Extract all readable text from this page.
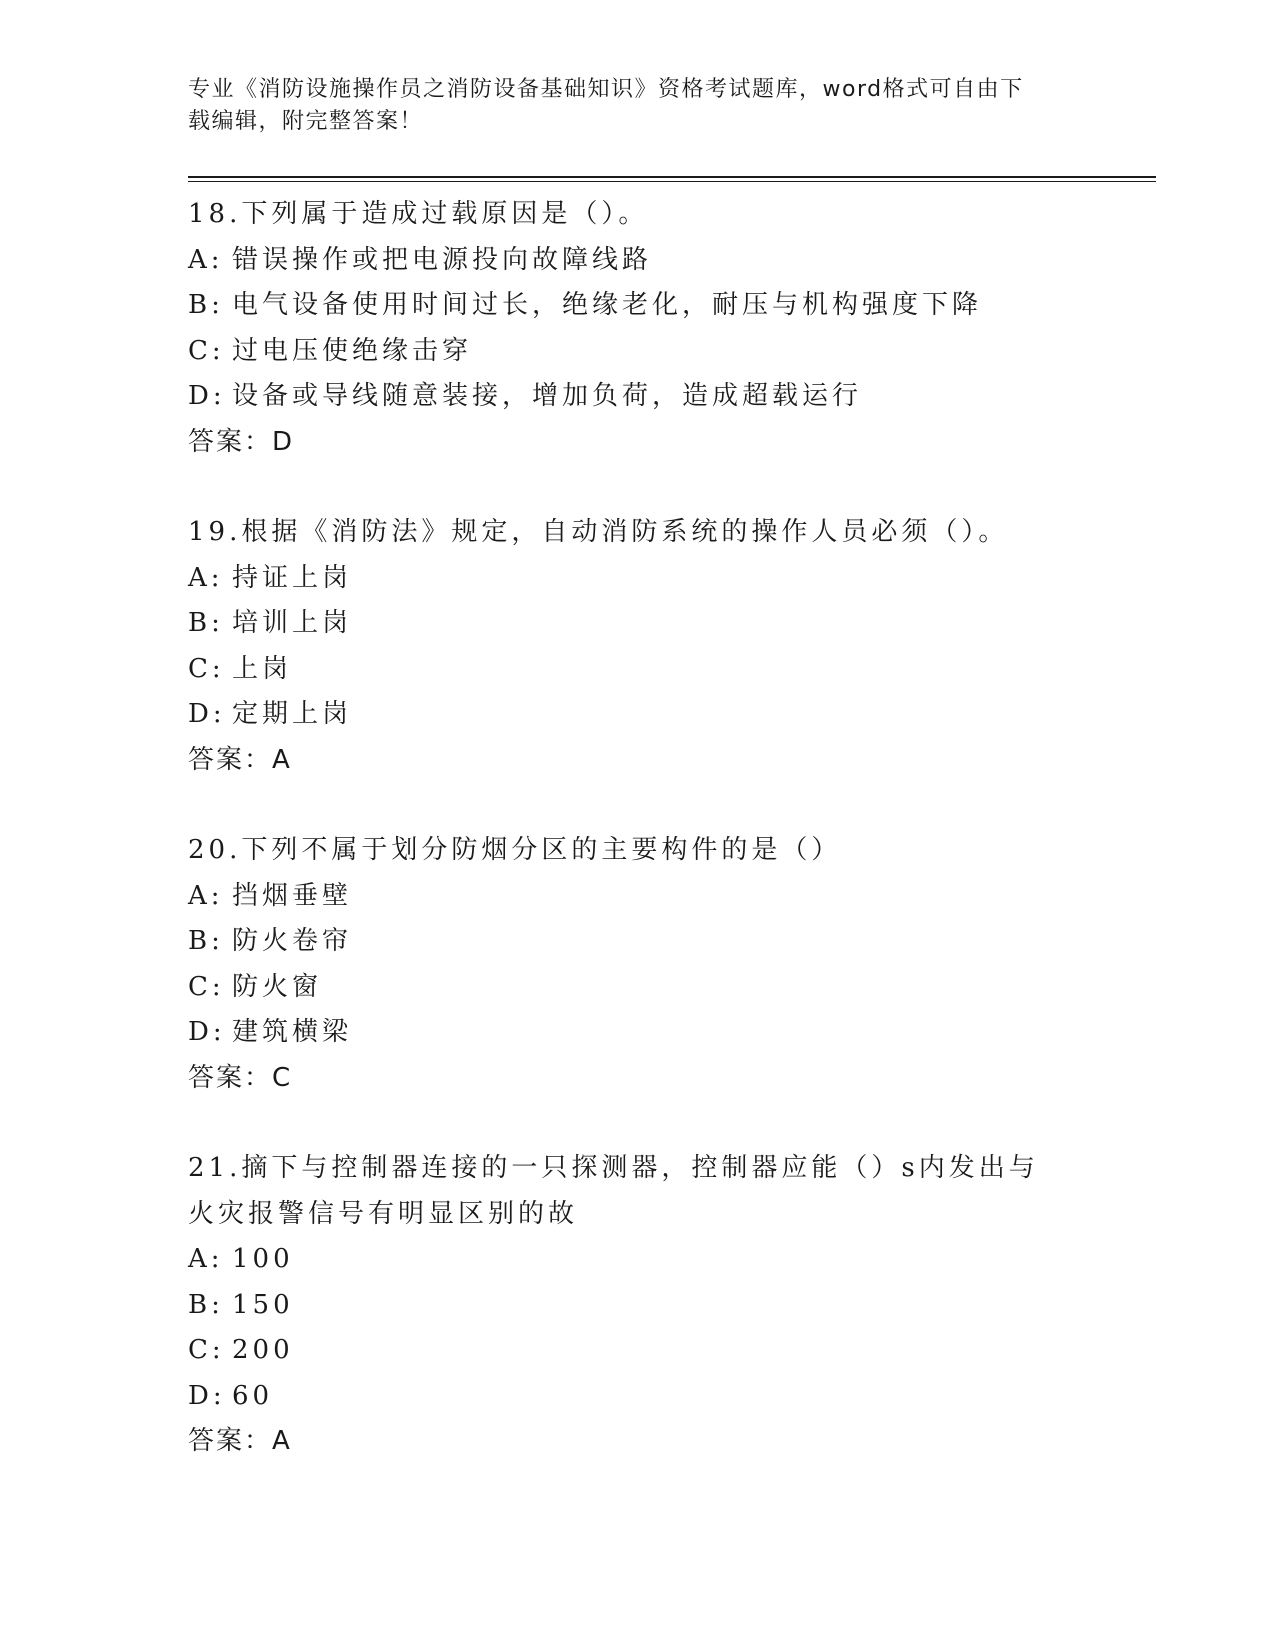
专业《消防设施操作员之消防设备基础知识》资格考试题库，word格式可自由下
载编辑，附完整答案！
18.下列属于造成过载原因是（）。
A: 错误操作或把电源投向故障线路
B: 电气设备使用时间过长，绝缘老化，耐压与机构强度下降
C: 过电压使绝缘击穿
D: 设备或导线随意装接，增加负荷，造成超载运行
答案：D
19.根据《消防法》规定，自动消防系统的操作人员必须（）。
A: 持证上岗
B: 培训上岗
C: 上岗
D: 定期上岗
答案：A
20.下列不属于划分防烟分区的主要构件的是（）
A: 挡烟垂壁
B: 防火卷帘
C: 防火窗
D: 建筑横梁
答案：C
21.摘下与控制器连接的一只探测器，控制器应能（）s内发出与火灾报警信号有明显区别的故
A: 100
B: 150
C: 200
D: 60
答案：A
